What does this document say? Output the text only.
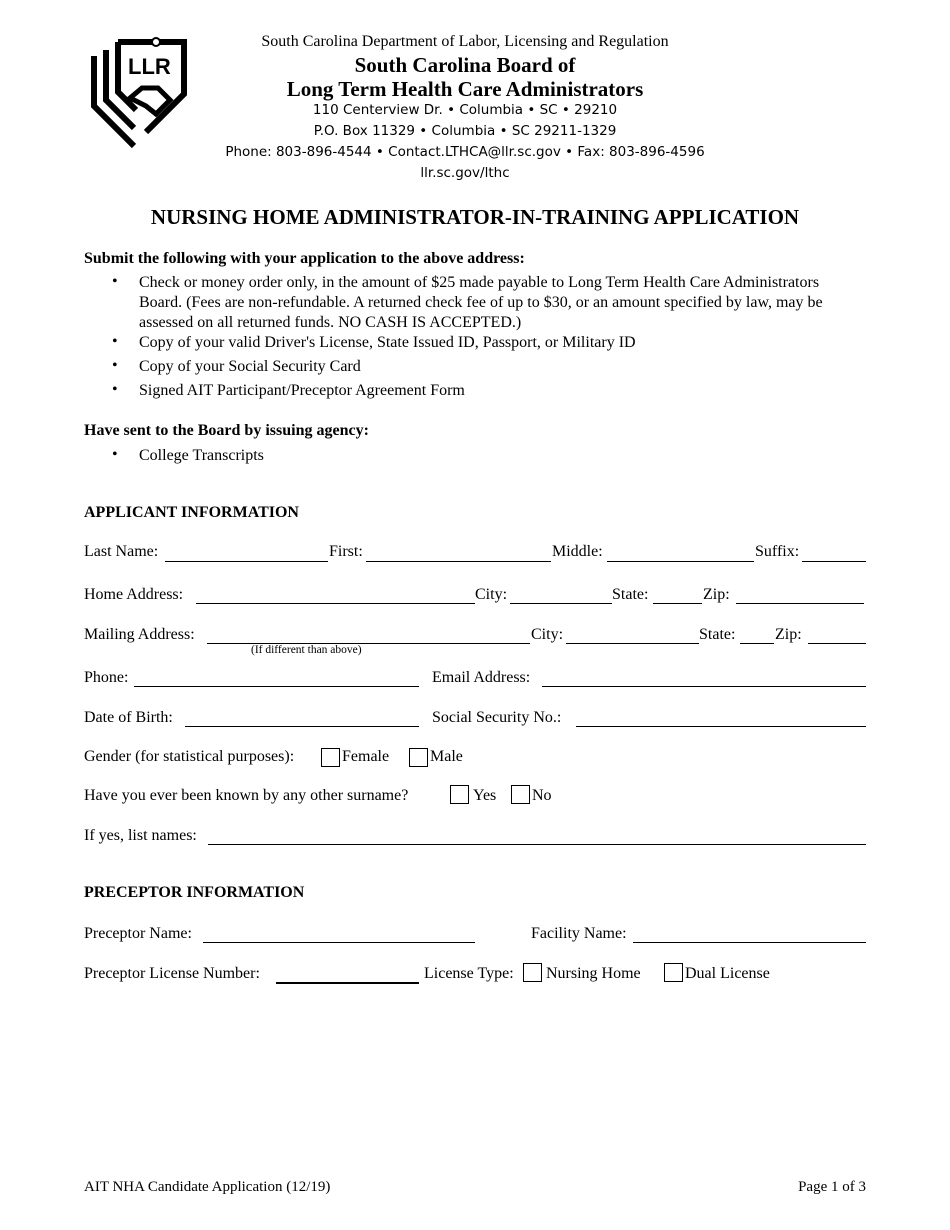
LLR
South Carolina Department of Labor, Licensing and Regulation
South Carolina Board of
Long Term Health Care Administrators
110 Centerview Dr. • Columbia • SC • 29210
P.O. Box 11329 • Columbia • SC 29211-1329
Phone: 803-896-4544 • Contact.LTHCA@llr.sc.gov • Fax: 803-896-4596
llr.sc.gov/lthc
NURSING HOME ADMINISTRATOR-IN-TRAINING APPLICATION
Submit the following with your application to the above address:
• Check or money order only, in the amount of $25 made payable to Long Term Health Care Administrators Board. (Fees are non-refundable. A returned check fee of up to $30, or an amount specified by law, may be assessed on all returned funds. NO CASH IS ACCEPTED.)
• Copy of your valid Driver's License, State Issued ID, Passport, or Military ID
• Copy of your Social Security Card
• Signed AIT Participant/Preceptor Agreement Form
Have sent to the Board by issuing agency:
• College Transcripts
APPLICANT INFORMATION
Last Name:	First:	Middle:	Suffix:
Home Address:	City:	State:	Zip:
Mailing Address:	City:	State: Zip:
(If different than above)
Phone:	Email Address:
Date of Birth:	Social Security No.:
Gender (for statistical purposes):	Female	Male
Have you ever been known by any other surname?	Yes No
If yes, list names:
PRECEPTOR INFORMATION
Preceptor Name:	Facility Name:
Preceptor License Number:	License Type: Nursing Home	Dual License
AIT NHA Candidate Application (12/19)	Page 1 of 3
